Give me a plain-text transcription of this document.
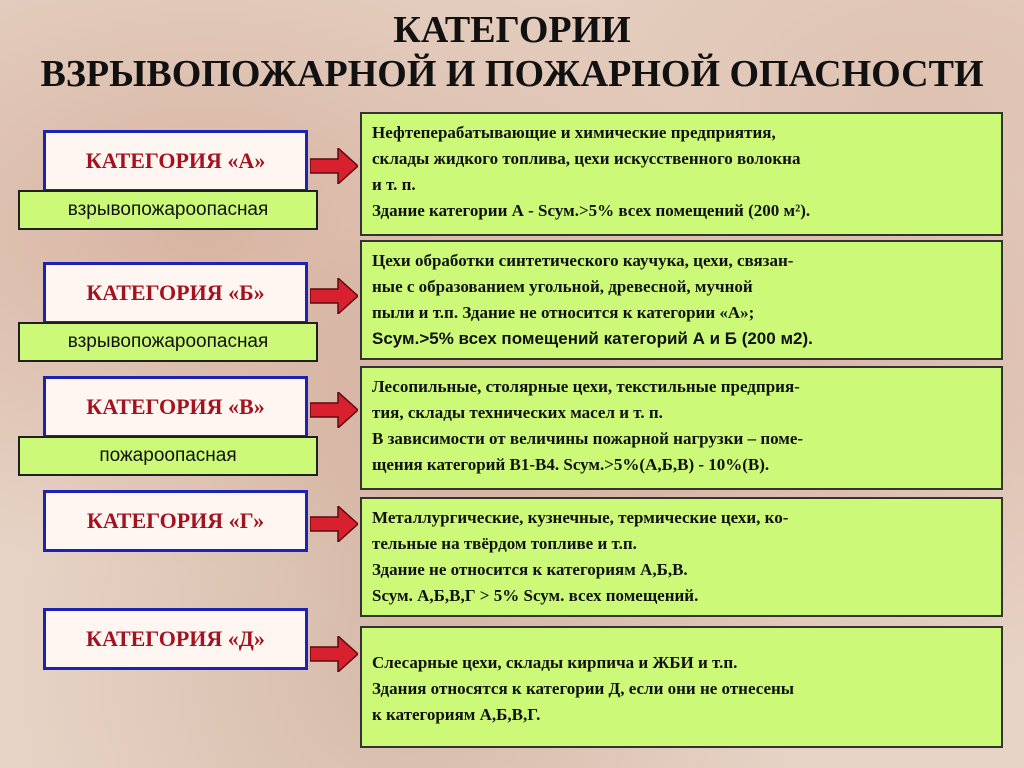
КАТЕГОРИИ
ВЗРЫВОПОЖАРНОЙ И ПОЖАРНОЙ ОПАСНОСТИ
КАТЕГОРИЯ «А»
взрывопожароопасная
Нефтеперабатывающие и химические предприятия,
склады жидкого топлива, цехи искусственного волокна
и т. п.
Здание категории А - Sсум.>5% всех помещений (200 м²).
КАТЕГОРИЯ «Б»
взрывопожароопасная
Цехи обработки синтетического каучука, цехи, связан-
ные с образованием угольной, древесной, мучной
пыли и т.п. Здание не относится к категории «А»;
Sсум.>5% всех помещений категорий А и Б (200 м2).
КАТЕГОРИЯ «В»
пожароопасная
Лесопильные, столярные цехи, текстильные предприя-
тия, склады технических масел и т. п.
В зависимости от величины пожарной нагрузки – поме-
щения категорий В1-В4. Sсум.>5%(А,Б,В) - 10%(В).
КАТЕГОРИЯ «Г»	Металлургические, кузнечные, термические цехи, ко-
тельные на твёрдом топливе и т.п.
Здание не относится к категориям А,Б,В.
Sсум. А,Б,В,Г > 5% Sсум. всех помещений.
КАТЕГОРИЯ «Д»
Слесарные цехи, склады кирпича и ЖБИ и т.п.
Здания относятся к категории Д, если они не отнесены
к категориям А,Б,В,Г.
